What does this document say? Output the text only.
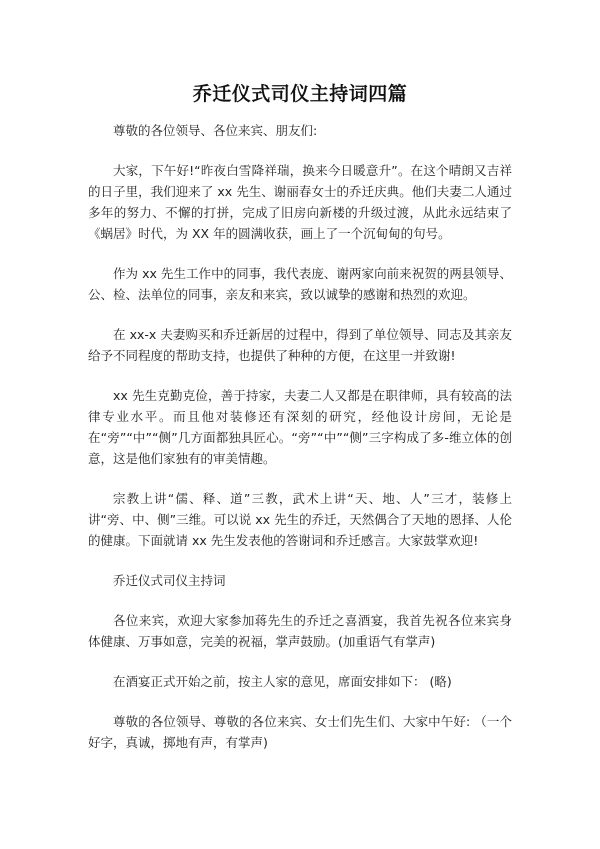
乔迁仪式司仪主持词四篇

尊敬的各位领导、各位来宾、朋友们:

大家，下午好!“昨夜白雪降祥瑞，换来今日暖意升”。在这个晴朗又吉祥的日子里，我们迎来了 xx 先生、谢丽春女士的乔迁庆典。他们夫妻二人通过多年的努力、不懈的打拼，完成了旧房向新楼的升级过渡，从此永远结束了《蜗居》时代，为 XX 年的圆满收获，画上了一个沉甸甸的句号。

作为 xx 先生工作中的同事，我代表庞、谢两家向前来祝贺的两县领导、公、检、法单位的同事，亲友和来宾，致以诚挚的感谢和热烈的欢迎。

在 xx-x 夫妻购买和乔迁新居的过程中，得到了单位领导、同志及其亲友给予不同程度的帮助支持，也提供了种种的方便，在这里一并致谢!

xx 先生克勤克俭，善于持家，夫妻二人又都是在职律师，具有较高的法律专业水平。而且他对装修还有深刻的研究，经他设计房间，无论是在“旁”“中”“侧”几方面都独具匠心。“旁”“中”“侧”三字构成了多-维立体的创意，这是他们家独有的审美情趣。

宗教上讲“儒、释、道”三教，武术上讲“天、地、人”三才，装修上讲“旁、中、侧”三维。可以说 xx 先生的乔迁，天然偶合了天地的恩择、人伦的健康。下面就请 xx 先生发表他的答谢词和乔迁感言。大家鼓掌欢迎!

乔迁仪式司仪主持词

各位来宾，欢迎大家参加蒋先生的乔迁之喜酒宴，我首先祝各位来宾身体健康、万事如意，完美的祝福，掌声鼓励。(加重语气有掌声)

在酒宴正式开始之前，按主人家的意见，席面安排如下： (略)

尊敬的各位领导、尊敬的各位来宾、女士们先生们、大家中午好: （一个好字，真诚，掷地有声，有掌声)
